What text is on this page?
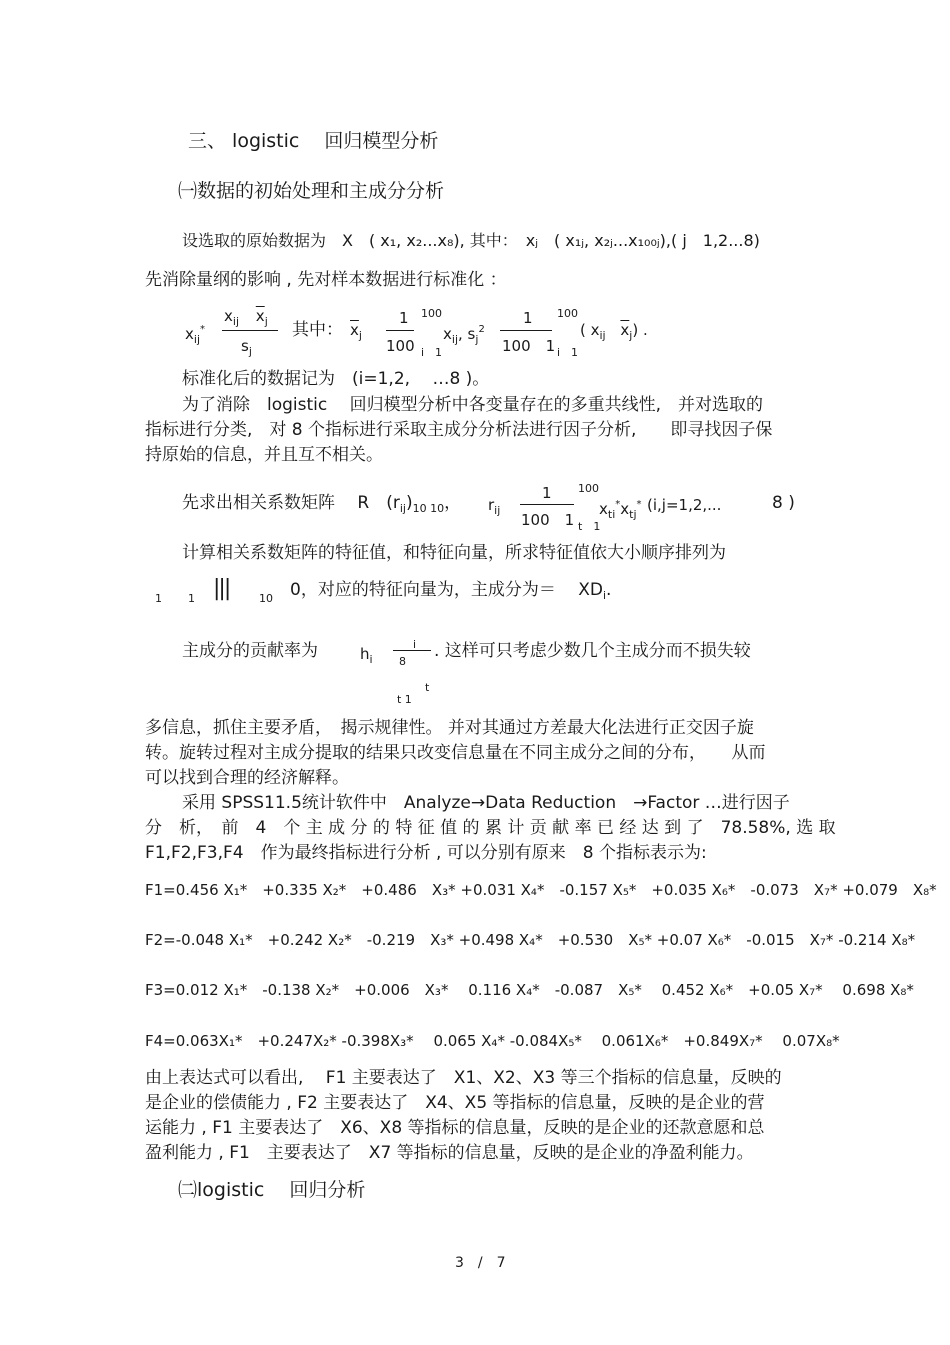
三、 logistic　 回归模型分析
㈠数据的初始处理和主成分分析
设选取的原始数据为　X　( x₁, x₂...x₈), 其中：　xⱼ　( x₁ⱼ, x₂ⱼ...x₁₀₀ⱼ),( j　1,2...8)
先消除量纲的影响 , 先对样本数据进行标准化 ：
$x_{ij}^*$
$x_{ij}$ $\overline{x}_j$
$s_j$
其中： $\overline{x}_j$
1
100
100
i　1
$x_{ij}$, $s_j^2$
1
100　1
100
i　1
( $x_{ij}$ $\overline{x}_j$) .
标准化后的数据记为　(i=1,2,　 …8 )。
为了消除　logistic　 回归模型分析中各变量存在的多重共线性,　并对选取的
指标进行分类,　对 8 个指标进行采取主成分分析法进行因子分析,　　即寻找因子保
持原始的信息，并且互不相关。
先求出相关系数矩阵　 R　$(r_{ij})_{10 10}$， $r_{ij}$
1
100　1
100
t　1
$x_{ti}^*x_{tj}^*$ (i,j=1,2,...	8 )
计算相关系数矩阵的特征值，和特征向量，所求特征值依大小顺序排列为
1 1 |||	10 0，对应的特征向量为，主成分为＝　 $XD_i$.
主成分的贡献率为	$h_i$
i
8
. 这样可只考虑少数几个主成分而不损失较
t
t 1
多信息，抓住主要矛盾，　揭示规律性。 并对其通过方差最大化法进行正交因子旋
转。旋转过程对主成分提取的结果只改变信息量在不同主成分之间的分布，　　从而
可以找到合理的经济解释。
采用 SPSS11.5统计软件中　Analyze→Data Reduction　→Factor …进行因子
分　析，　前　4　个 主 成 分 的 特 征 值 的 累 计 贡 献 率 已 经 达 到 了　78.58%, 选 取
F1,F2,F3,F4　作为最终指标进行分析 , 可以分别有原来　8 个指标表示为:
F1=0.456 X₁*　+0.335 X₂*　+0.486　X₃* +0.031 X₄*　-0.157 X₅*　+0.035 X₆*　-0.073　X₇* +0.079　X₈*
F2=-0.048 X₁*　+0.242 X₂*　-0.219　X₃* +0.498 X₄*　+0.530　X₅* +0.07 X₆*　-0.015　X₇* -0.214 X₈*
F3=0.012 X₁*　-0.138 X₂*　+0.006　X₃*　 0.116 X₄*　-0.087　X₅*　 0.452 X₆*　+0.05 X₇*　 0.698 X₈*
F4=0.063X₁*　+0.247X₂* -0.398X₃*　 0.065 X₄* -0.084X₅*　 0.061X₆*　+0.849X₇*　 0.07X₈*
由上表达式可以看出,　 F1 主要表达了　X1、X2、X3 等三个指标的信息量，反映的
是企业的偿债能力 , F2 主要表达了　X4、X5 等指标的信息量，反映的是企业的营
运能力 , F1 主要表达了　X6、X8 等指标的信息量，反映的是企业的还款意愿和总
盈利能力 , F1　主要表达了　X7 等指标的信息量，反映的是企业的净盈利能力。
㈡logistic　 回归分析
3　/　7
